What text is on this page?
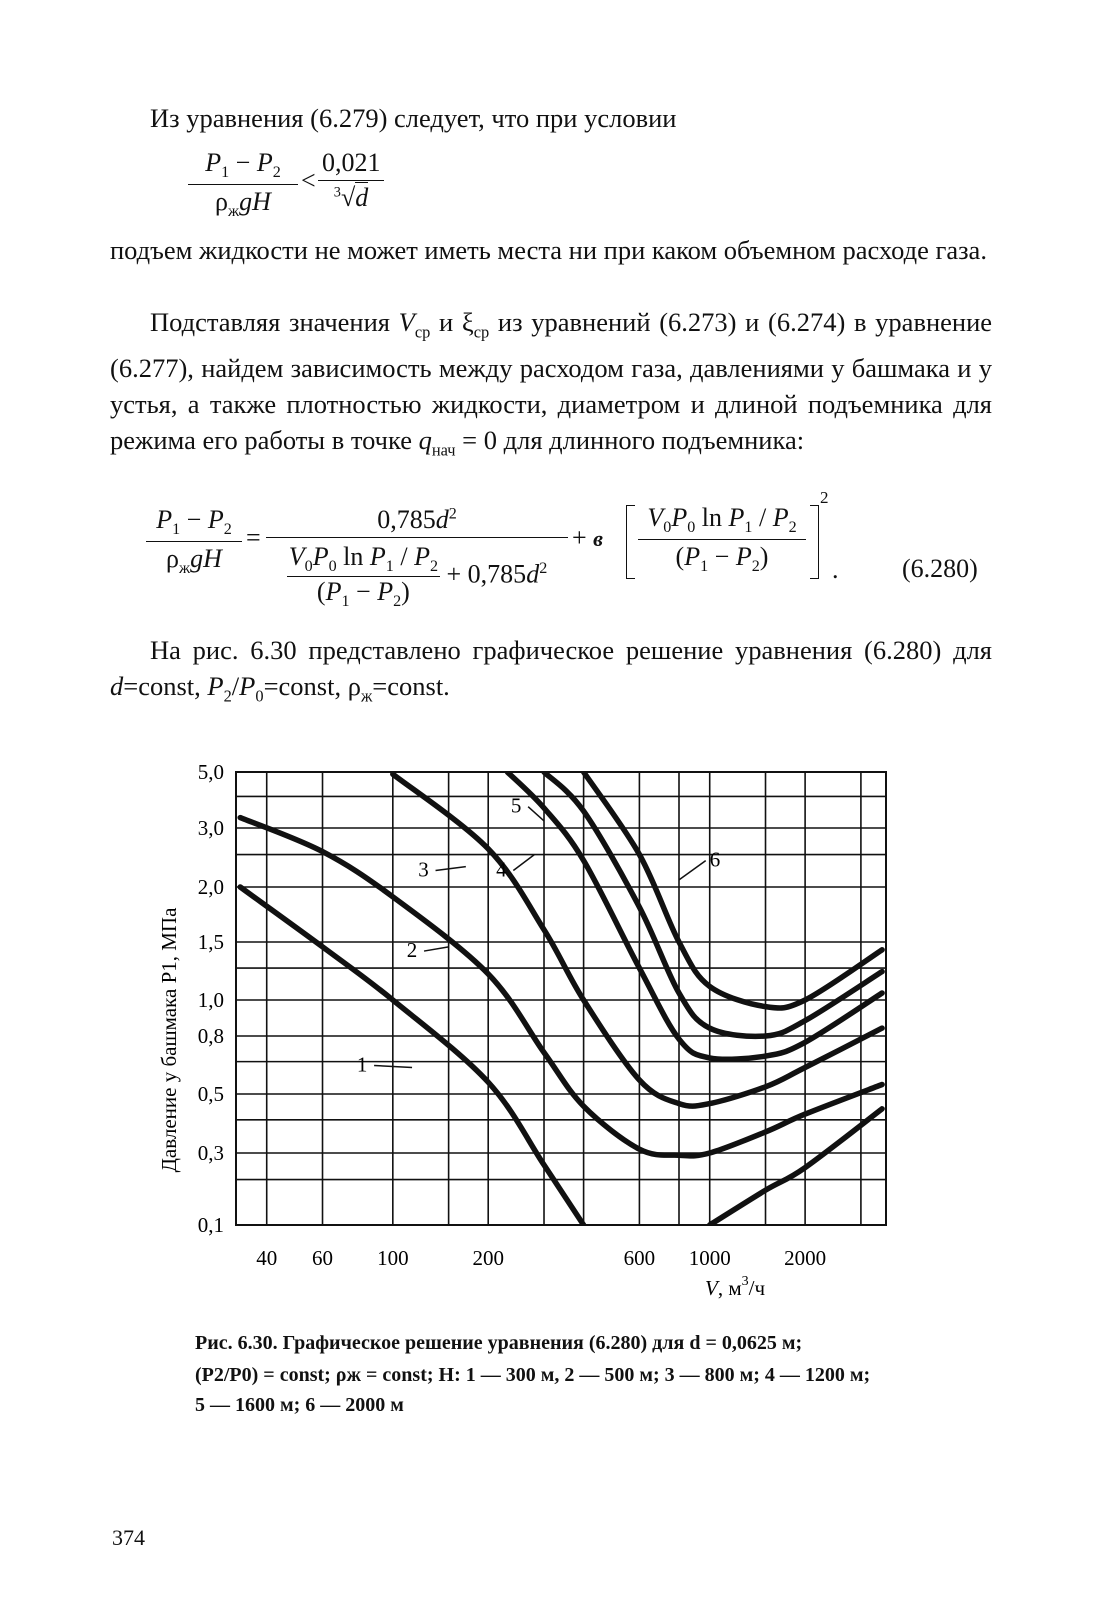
Из уравнения (6.279) следует, что при условии
$P_1 - P_2$
$\rho_жgH$
< $\frac{0,021}{^3√d}$
подъем жидкости не может иметь места ни при каком объемном расходе газа.
Подставляя значения $V_{ср}$ и $\xi_{ср}$ из уравнений (6.273) и (6.274) в уравнение (6.277), найдем зависимость между расходом газа, давлениями у башмака и у устья, а также плотностью жидкости, диаметром и длиной подъемника для режима его работы в точке $q_{нач} = 0$ для длинного подъемника:
$P_1 - P_2$
$\rho_жgH$
= $\frac{0,785d^2}{\frac{V_0P_0 \ln P_1 / P_2}{(P_1 - P_2)} + 0,785d^2} + в \frac{V_0P_0 \ln P_1 / P_2}{(P_1 - P_2)}$
2
. (6.280)
На рис. 6.30 представлено графическое решение уравнения (6.280) для d=const, $P_2/P_0=const$, $\rho_ж=const$.
5,0
3,0
2,0
1,5
1,0
0,8
0,5
0,3
0,1
40 60 100	200	600 1000	2000
1
2
3	4
5
6
Давление у башмака P1, МПа
V, $м^3/ч$
Рис. 6.30. Графическое решение уравнения (6.280) для d = 0,0625 м;
(P2/P0) = const; ρж = const; H: 1 — 300 м, 2 — 500 м; 3 — 800 м; 4 — 1200 м;
5 — 1600 м; 6 — 2000 м
374
